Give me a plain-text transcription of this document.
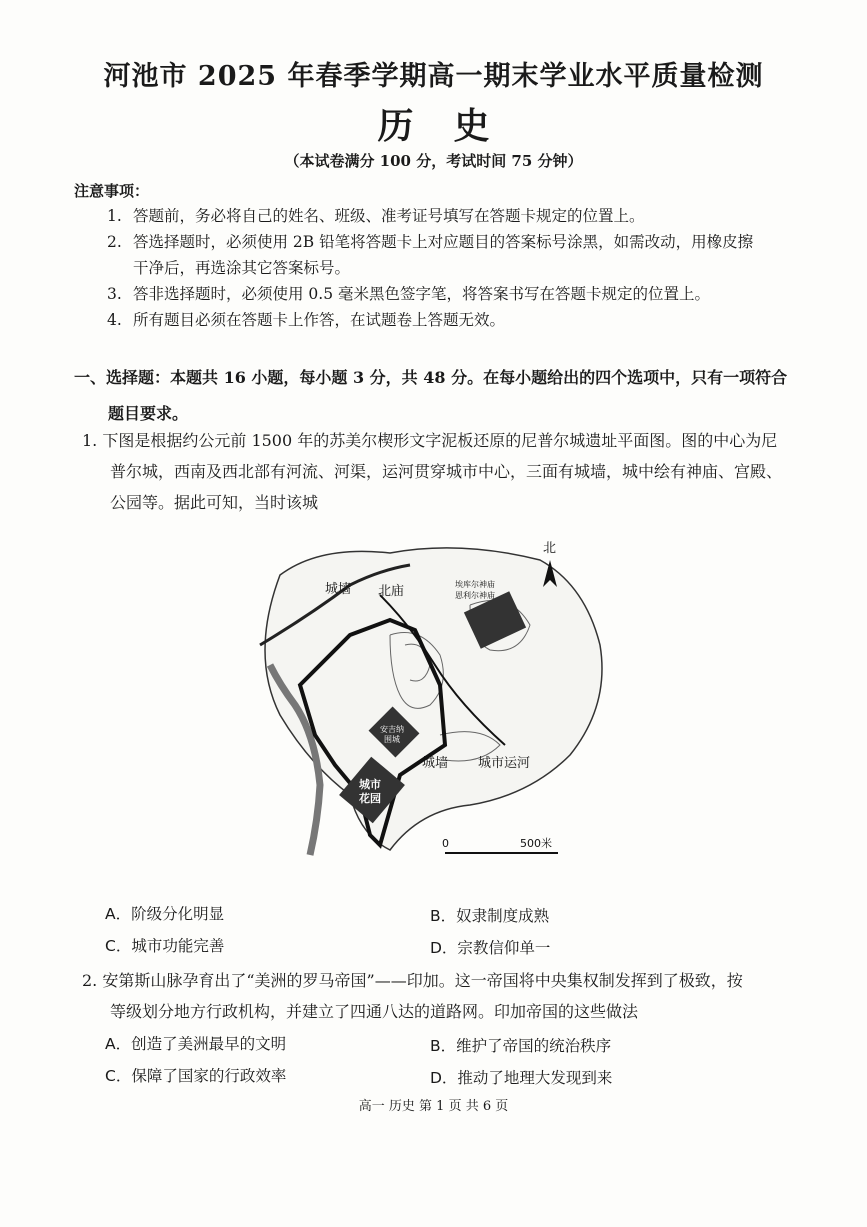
河池市 2025 年春季学期高一期末学业水平质量检测
历史
（本试卷满分 100 分，考试时间 75 分钟）
注意事项：
1. 答题前，务必将自己的姓名、班级、准考证号填写在答题卡规定的位置上。
2. 答选择题时，必须使用 2B 铅笔将答题卡上对应题目的答案标号涂黑，如需改动，用橡皮擦
干净后，再选涂其它答案标号。
3. 答非选择题时，必须使用 0.5 毫米黑色签字笔，将答案书写在答题卡规定的位置上。
4. 所有题目必须在答题卡上作答，在试题卷上答题无效。
一、选择题：本题共 16 小题，每小题 3 分，共 48 分。在每小题给出的四个选项中，只有一项符合
题目要求。
1. 下图是根据约公元前 1500 年的苏美尔楔形文字泥板还原的尼普尔城遗址平面图。图的中心为尼
普尔城，西南及西北部有河流、河渠，运河贯穿城市中心，三面有城墙，城中绘有神庙、宫殿、
公园等。据此可知，当时该城
北
城墙 北庙	埃库尔神庙
恩利尔神庙
安吉纳
围城
城市
花园
城墙 城市运河
0	500米
A．阶级分化明显	B．奴隶制度成熟
C．城市功能完善	D．宗教信仰单一
2. 安第斯山脉孕育出了“美洲的罗马帝国”——印加。这一帝国将中央集权制发挥到了极致，按
等级划分地方行政机构，并建立了四通八达的道路网。印加帝国的这些做法
A．创造了美洲最早的文明	B．维护了帝国的统治秩序
C．保障了国家的行政效率	D．推动了地理大发现到来
高一 历史 第 1 页 共 6 页
